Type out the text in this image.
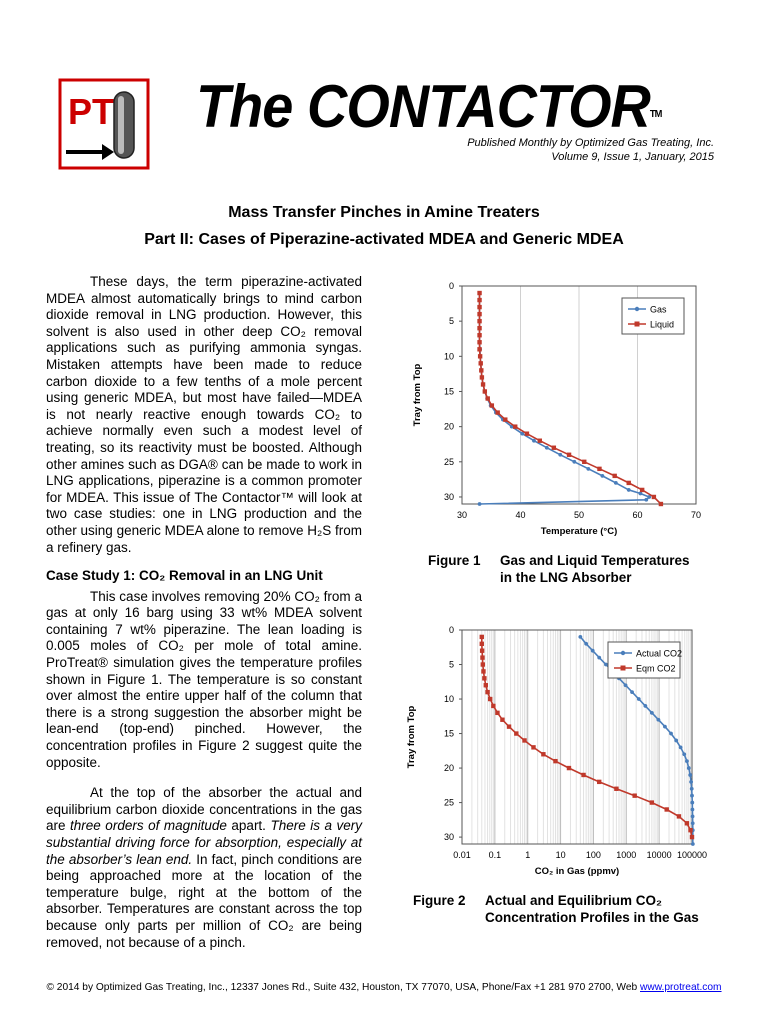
PT The CONTACTOR™
Published Monthly by Optimized Gas Treating, Inc.
Volume 9, Issue 1, January, 2015
Mass Transfer Pinches in Amine Treaters
Part II: Cases of Piperazine-activated MDEA and Generic MDEA

These days, the term piperazine-activated MDEA almost automatically brings to mind carbon dioxide removal in LNG production. However, this solvent is also used in other deep CO₂ removal applications such as purifying ammonia syngas. Mistaken attempts have been made to reduce carbon dioxide to a few tenths of a mole percent using generic MDEA, but most have failed—MDEA is not nearly reactive enough towards CO₂ to achieve normally even such a modest level of treating, so its reactivity must be boosted. Although other amines such as DGA® can be made to work in LNG applications, piperazine is a common promoter for MDEA. This issue of The Contactor™ will look at two case studies: one in LNG production and the other using generic MDEA alone to remove H₂S from a refinery gas.

Case Study 1: CO₂ Removal in an LNG Unit

This case involves removing 20% CO₂ from a gas at only 16 barg using 33 wt% MDEA solvent containing 7 wt% piperazine. The lean loading is 0.005 moles of CO₂ per mole of total amine. ProTreat® simulation gives the temperature profiles shown in Figure 1. The temperature is so constant over almost the entire upper half of the column that there is a strong suggestion the absorber might be lean-end (top-end) pinched. However, the concentration profiles in Figure 2 suggest quite the opposite.

At the top of the absorber the actual and equilibrium carbon dioxide concentrations in the gas are three orders of magnitude apart. There is a very substantial driving force for absorption, especially at the absorber’s lean end. In fact, pinch conditions are being approached more at the location of the temperature bulge, right at the bottom of the absorber. Temperatures are constant across the top because only parts per million of CO₂ are being removed, not because of a pinch.

30	40	50	60	70
0
5
10
15
20
25
30
Temperature (°C)
Tray from Top
Gas
Liquid
Figure 1 Gas and Liquid Temperatures
in the LNG Absorber
0.01 0.1	1	10 100 1000 10000 100000
0
5
10
15
20
25
30
CO₂ in Gas (ppmv)
Tray from Top
Actual CO2
Eqm CO2
Figure 2 Actual and Equilibrium CO₂
Concentration Profiles in the Gas
© 2014 by Optimized Gas Treating, Inc., 12337 Jones Rd., Suite 432, Houston, TX 77070, USA, Phone/Fax +1 281 970 2700, Web www.protreat.com
